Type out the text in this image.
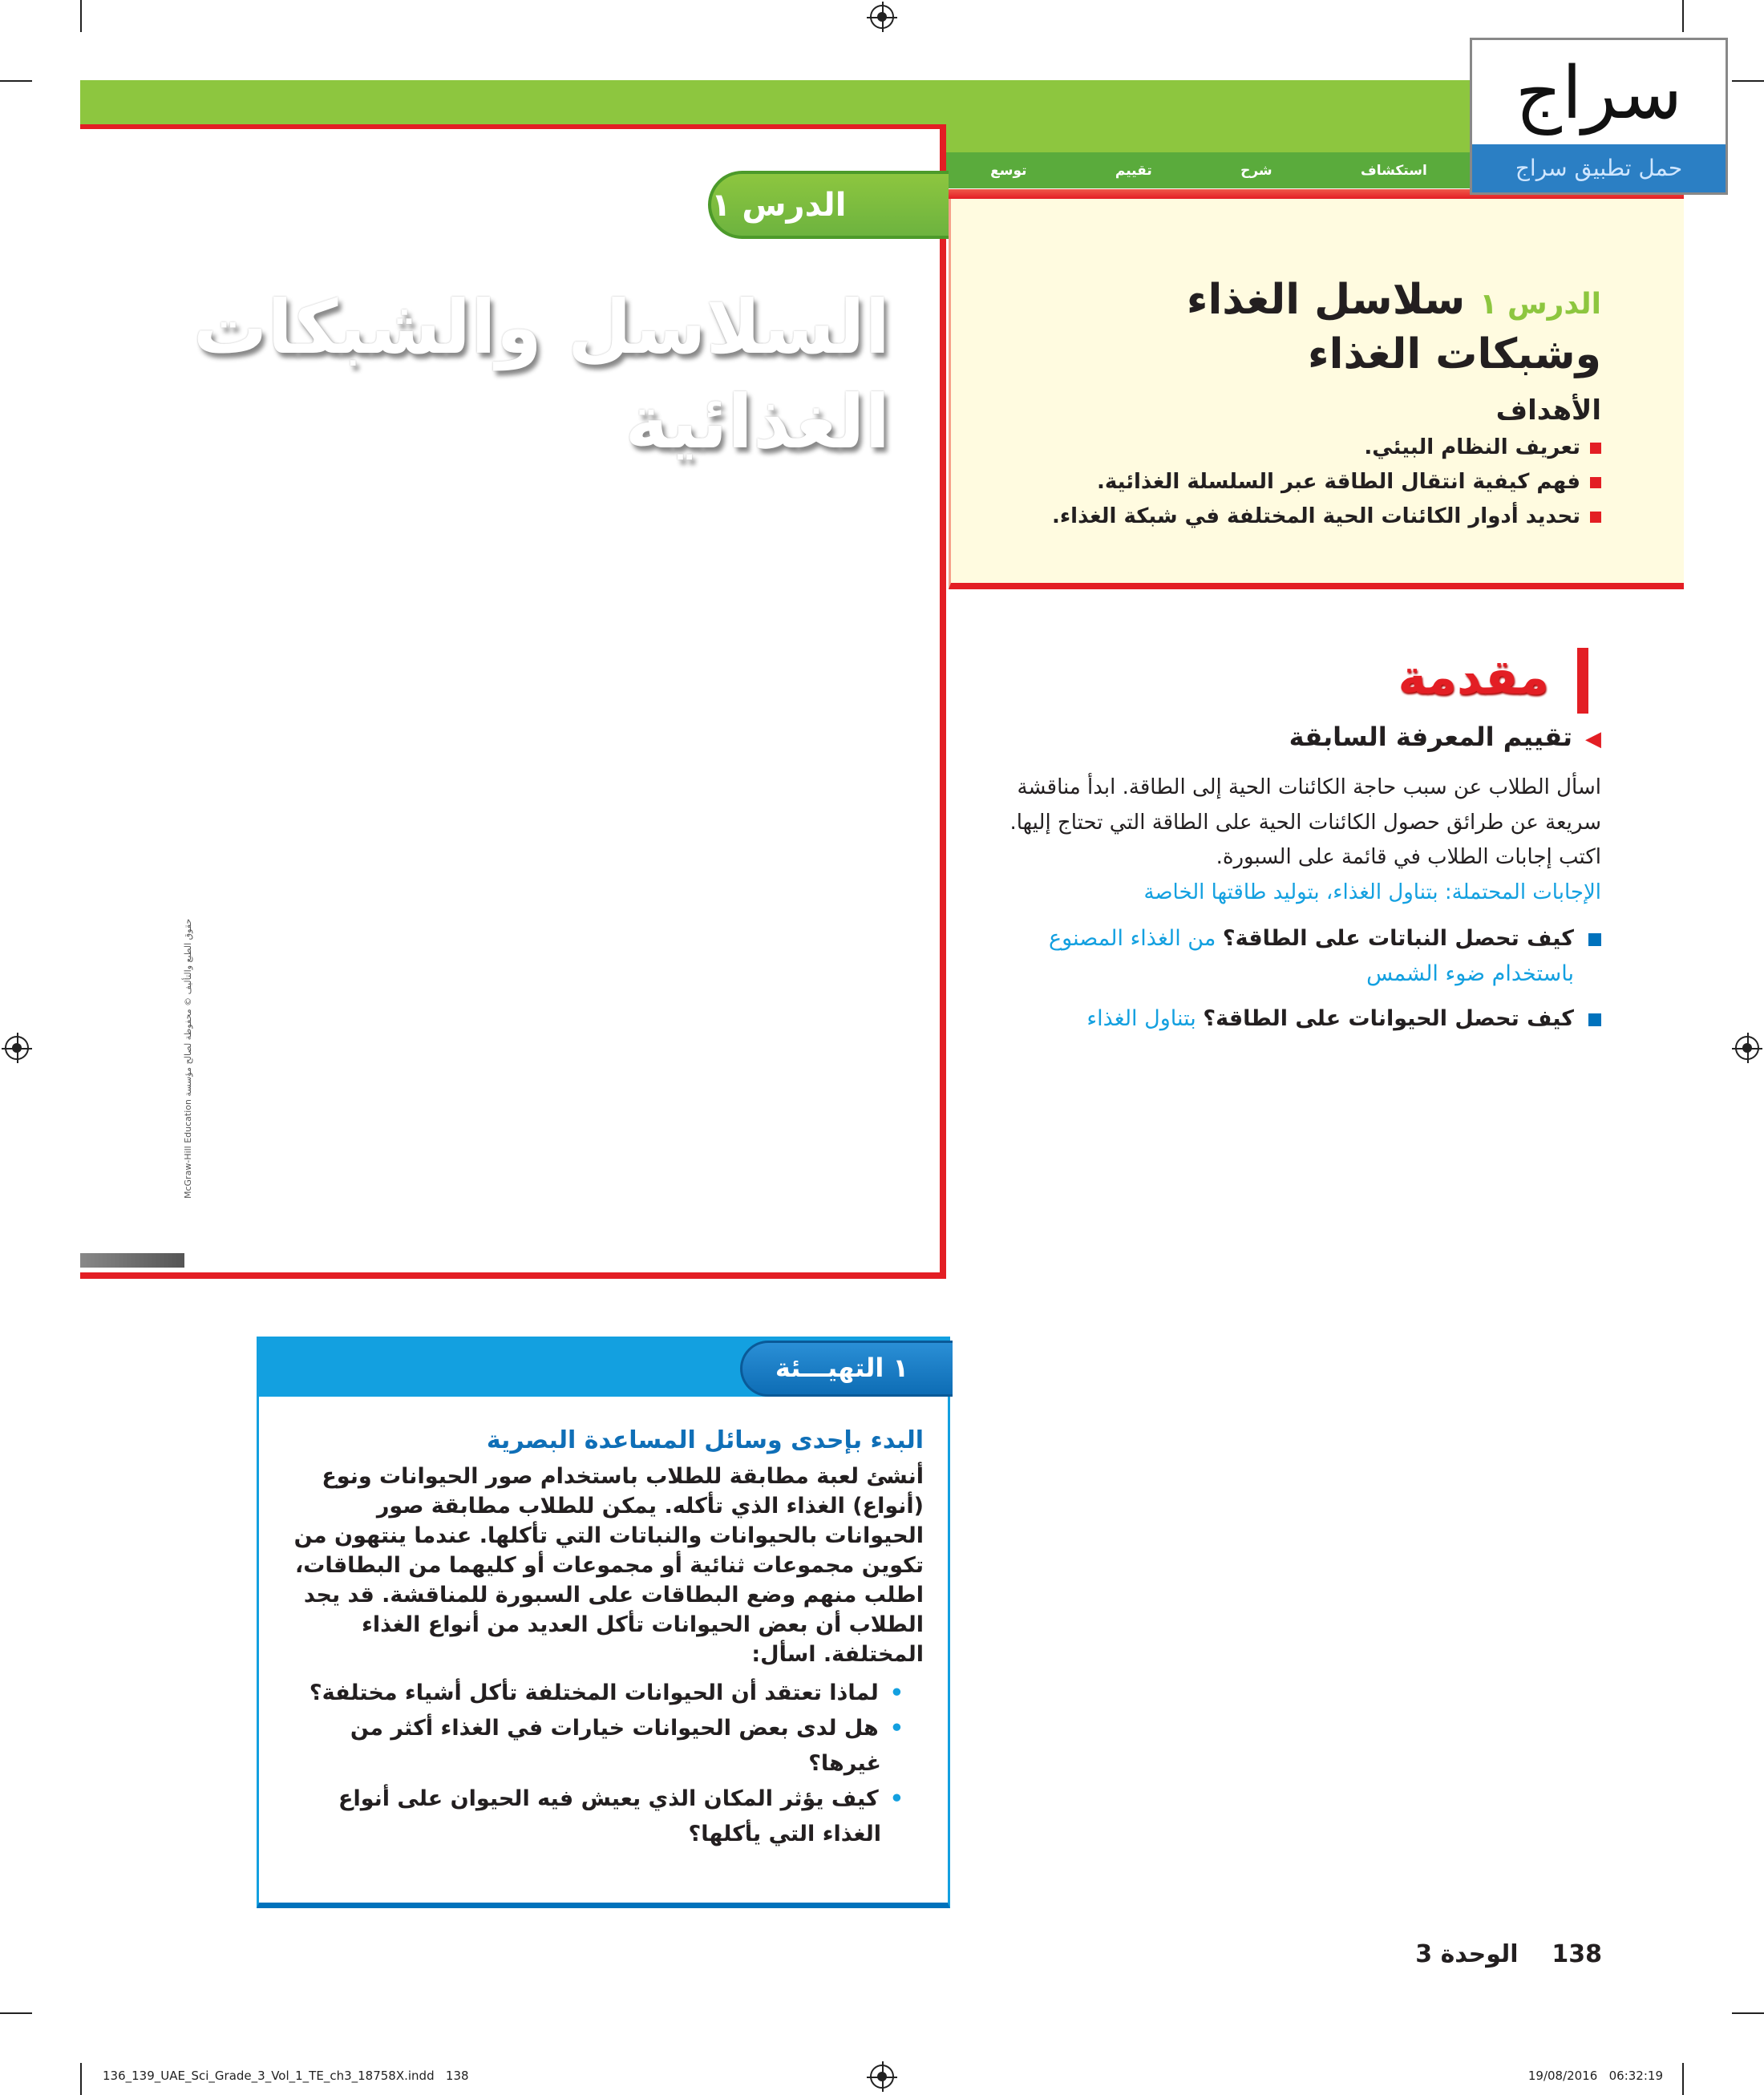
استكشاف
شرح
تقييم
توسع
سراج
حمل تطبيق سراج
الدرس ١
السلاسل والشبكات
الغذائية
McGraw-Hill Education حقوق الطبع والتأليف © محفوظة لصالح مؤسسة
الدرس ١ سلاسل الغذاء
وشبكات الغذاء
الأهداف
تعريف النظام البيئي.
فهم كيفية انتقال الطاقة عبر السلسلة الغذائية.
تحديد أدوار الكائنات الحية المختلفة في شبكة الغذاء.
مقدمة
◀تقييم المعرفة السابقة
اسأل الطلاب عن سبب حاجة الكائنات الحية إلى الطاقة. ابدأ مناقشة سريعة عن طرائق حصول الكائنات الحية على الطاقة التي تحتاج إليها. اكتب إجابات الطلاب في قائمة على السبورة.
الإجابات المحتملة: بتناول الغذاء، بتوليد طاقتها الخاصة
كيف تحصل النباتات على الطاقة؟ من الغذاء المصنوع باستخدام ضوء الشمس
كيف تحصل الحيوانات على الطاقة؟ بتناول الغذاء
١ التهيـــئة
البدء بإحدى وسائل المساعدة البصرية
أنشئ لعبة مطابقة للطلاب باستخدام صور الحيوانات ونوع (أنواع) الغذاء الذي تأكله. يمكن للطلاب مطابقة صور الحيوانات بالحيوانات والنباتات التي تأكلها. عندما ينتهون من تكوين مجموعات ثنائية أو مجموعات أو كليهما من البطاقات، اطلب منهم وضع البطاقات على السبورة للمناقشة. قد يجد الطلاب أن بعض الحيوانات تأكل العديد من أنواع الغذاء المختلفة. اسأل:
•لماذا تعتقد أن الحيوانات المختلفة تأكل أشياء مختلفة؟
•هل لدى بعض الحيوانات خيارات في الغذاء أكثر من غيرها؟
•كيف يؤثر المكان الذي يعيش فيه الحيوان على أنواع الغذاء التي يأكلها؟
138    الوحدة 3
136_139_UAE_Sci_Grade_3_Vol_1_TE_ch3_18758X.indd   138	19/08/2016   06:32:19
